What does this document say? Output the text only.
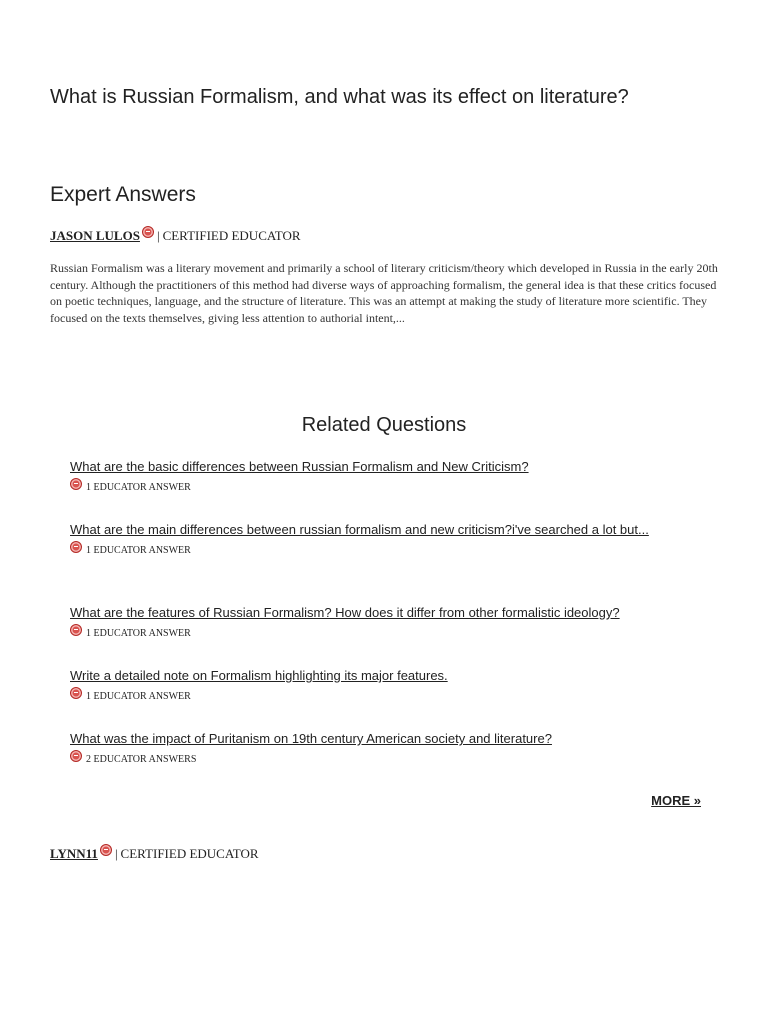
What is Russian Formalism, and what was its effect on literature?
Expert Answers
JASON LULOS | CERTIFIED EDUCATOR

Russian Formalism was a literary movement and primarily a school of literary criticism/theory which developed in Russia in the early 20th century. Although the practitioners of this method had diverse ways of approaching formalism, the general idea is that these critics focused on poetic techniques, language, and the structure of literature. This was an attempt at making the study of literature more scientific. They focused on the texts themselves, giving less attention to authorial intent,...

Related Questions
What are the basic differences between Russian Formalism and New Criticism?
1 EDUCATOR ANSWER
What are the main differences between russian formalism and new criticism?i've searched a lot but...
1 EDUCATOR ANSWER
What are the features of Russian Formalism? How does it differ from other formalistic ideology?
1 EDUCATOR ANSWER
Write a detailed note on Formalism highlighting its major features.
1 EDUCATOR ANSWER
What was the impact of Puritanism on 19th century American society and literature?
2 EDUCATOR ANSWERS
MORE »
LYNN11 | CERTIFIED EDUCATOR
